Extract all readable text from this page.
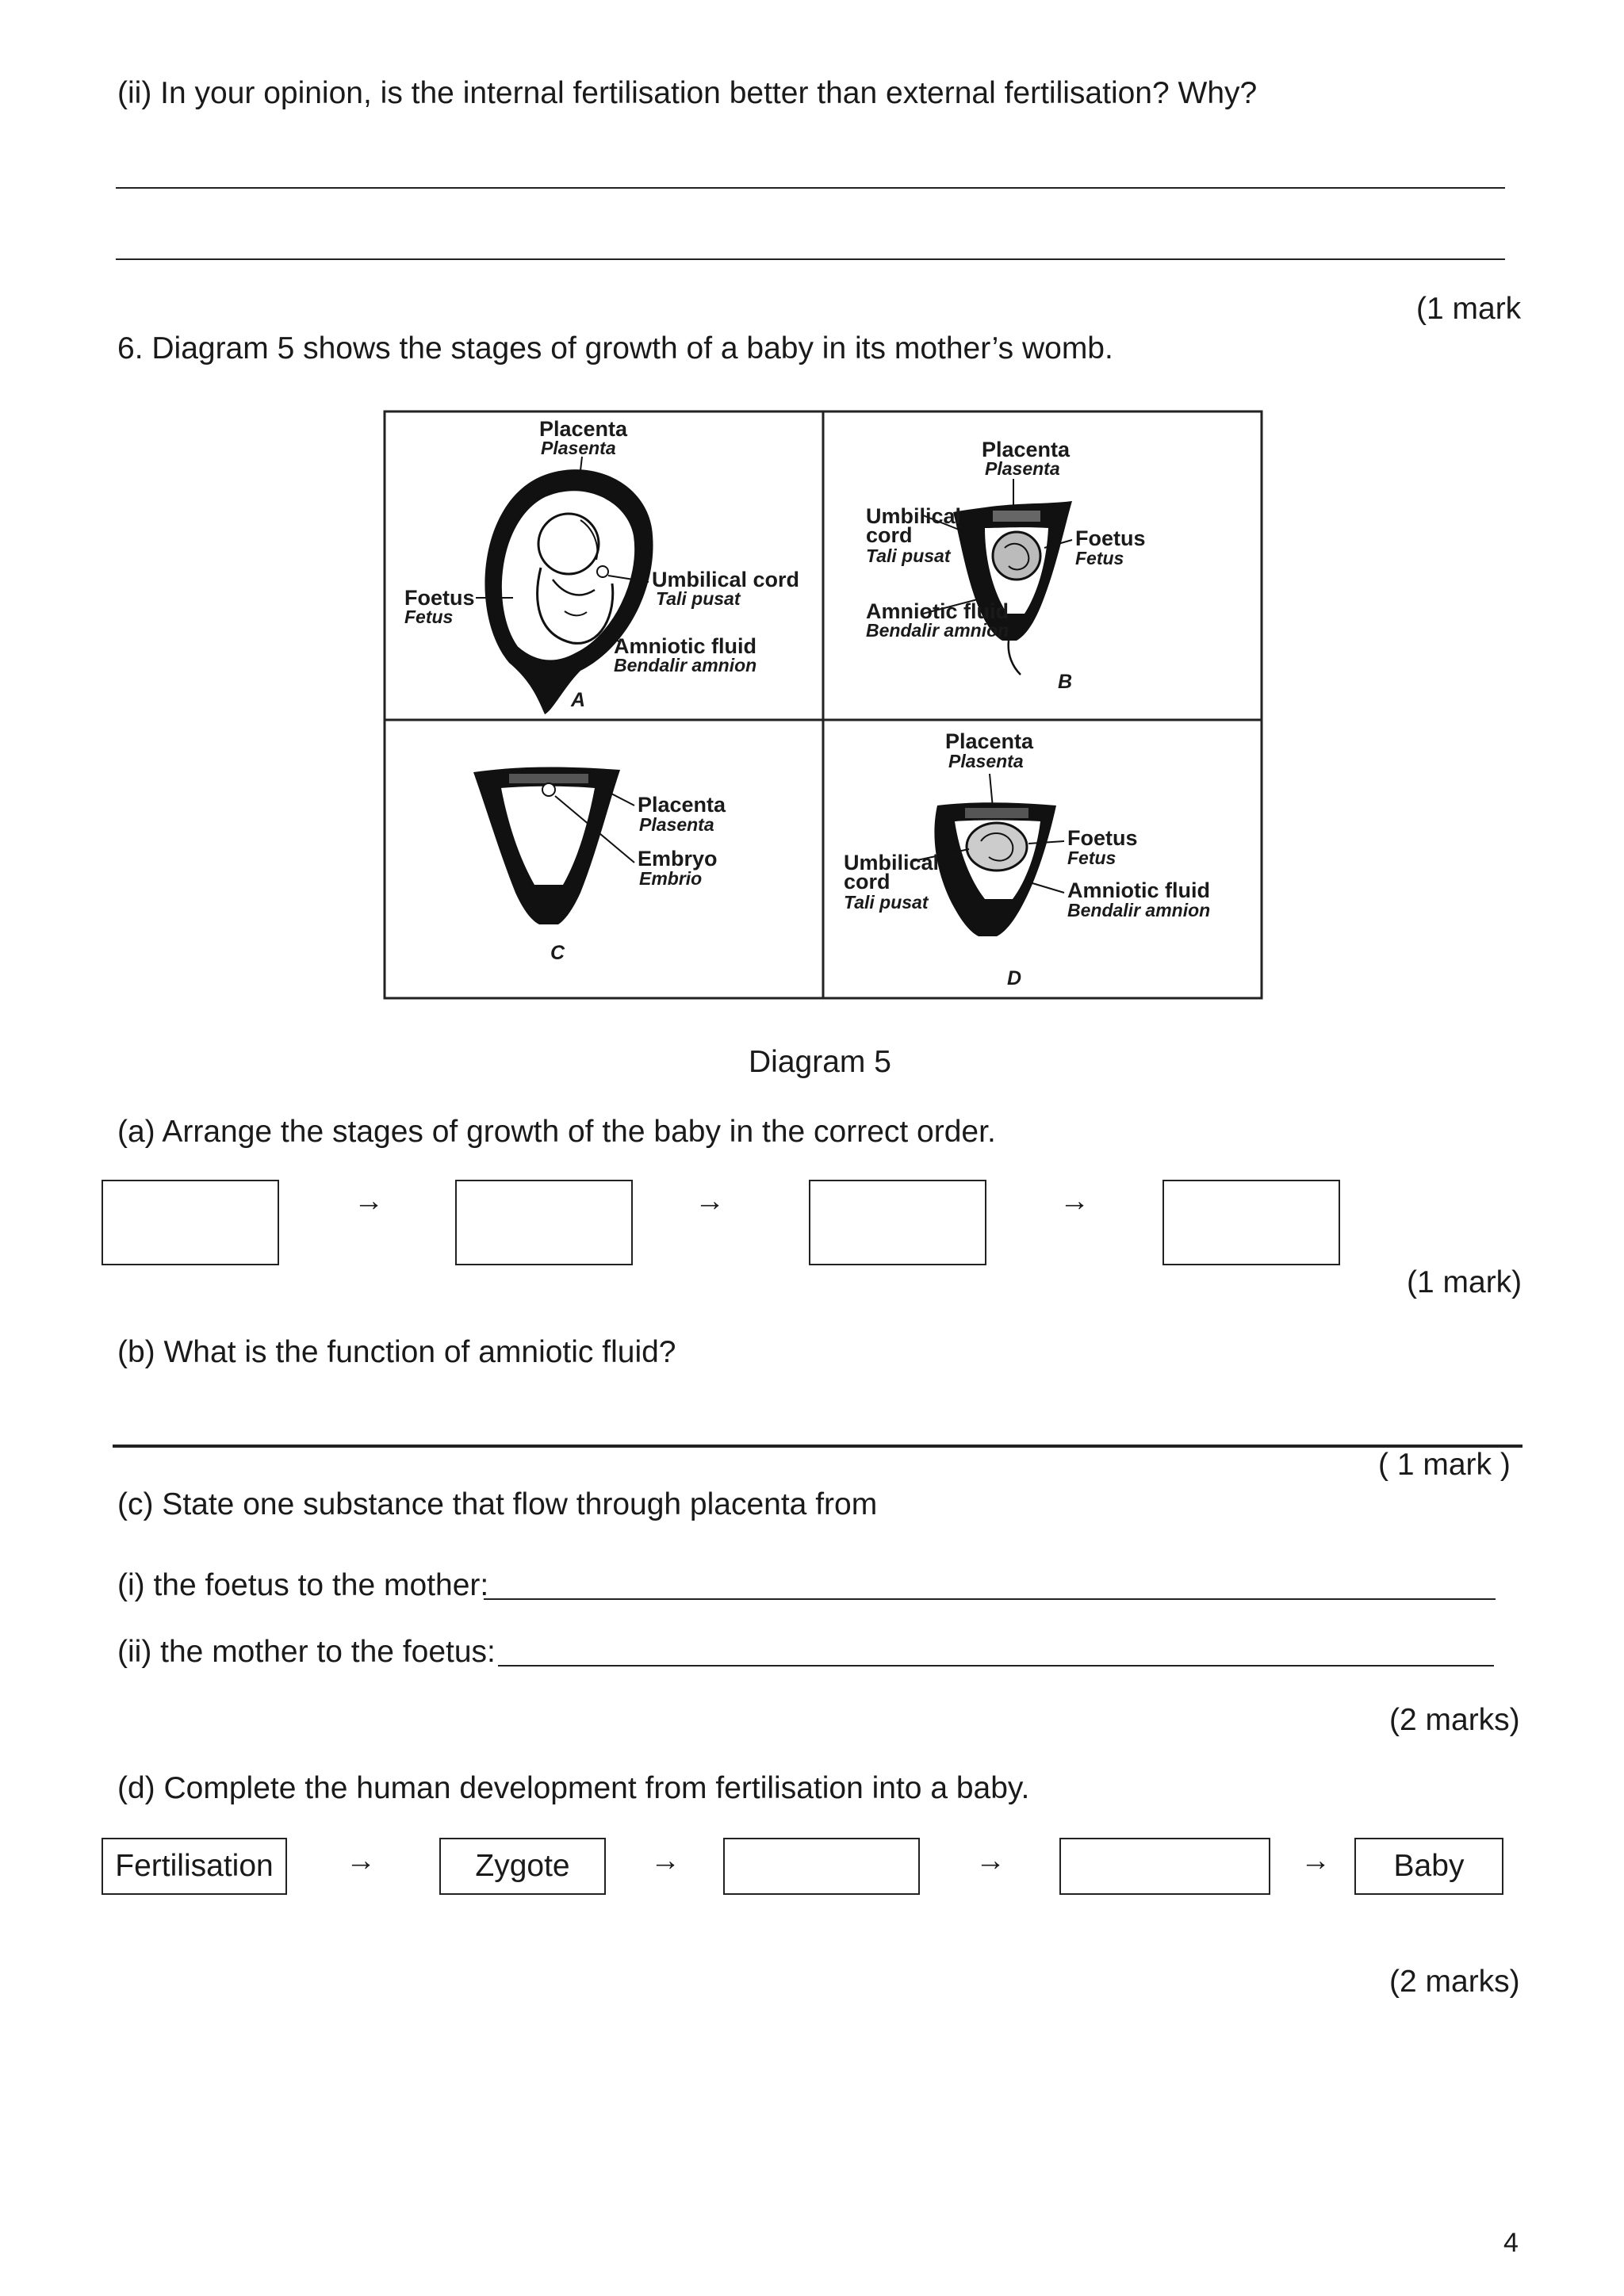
(ii) In your opinion, is the internal fertilisation better than external fertilisation? Why?
(1 mark
6. Diagram 5 shows the stages of growth of a baby in its mother’s womb.
Placenta
Plasenta
Foetus
Fetus
Umbilical cord
Tali pusat
Amniotic fluid
Bendalir amnion
A
Placenta
Plasenta
Umbilical
cord
Tali pusat
Foetus
Fetus
Amniotic fluid
Bendalir amnion
B
Placenta
Plasenta
Embryo
Embrio
C
Placenta
Plasenta
Umbilical
cord
Tali pusat
Foetus
Fetus
Amniotic fluid
Bendalir amnion
D
Diagram 5
(a) Arrange the stages of growth of the baby in the correct order.
→	→	→
(1 mark)
(b) What is the function of amniotic fluid?
( 1 mark )
(c) State one substance that flow through placenta from
(i) the foetus to the mother:
(ii) the mother to the foetus:
(2 marks)
(d) Complete the human development from fertilisation into a baby.
Fertilisation	→	Zygote	→	→	→	Baby
(2 marks)
4
